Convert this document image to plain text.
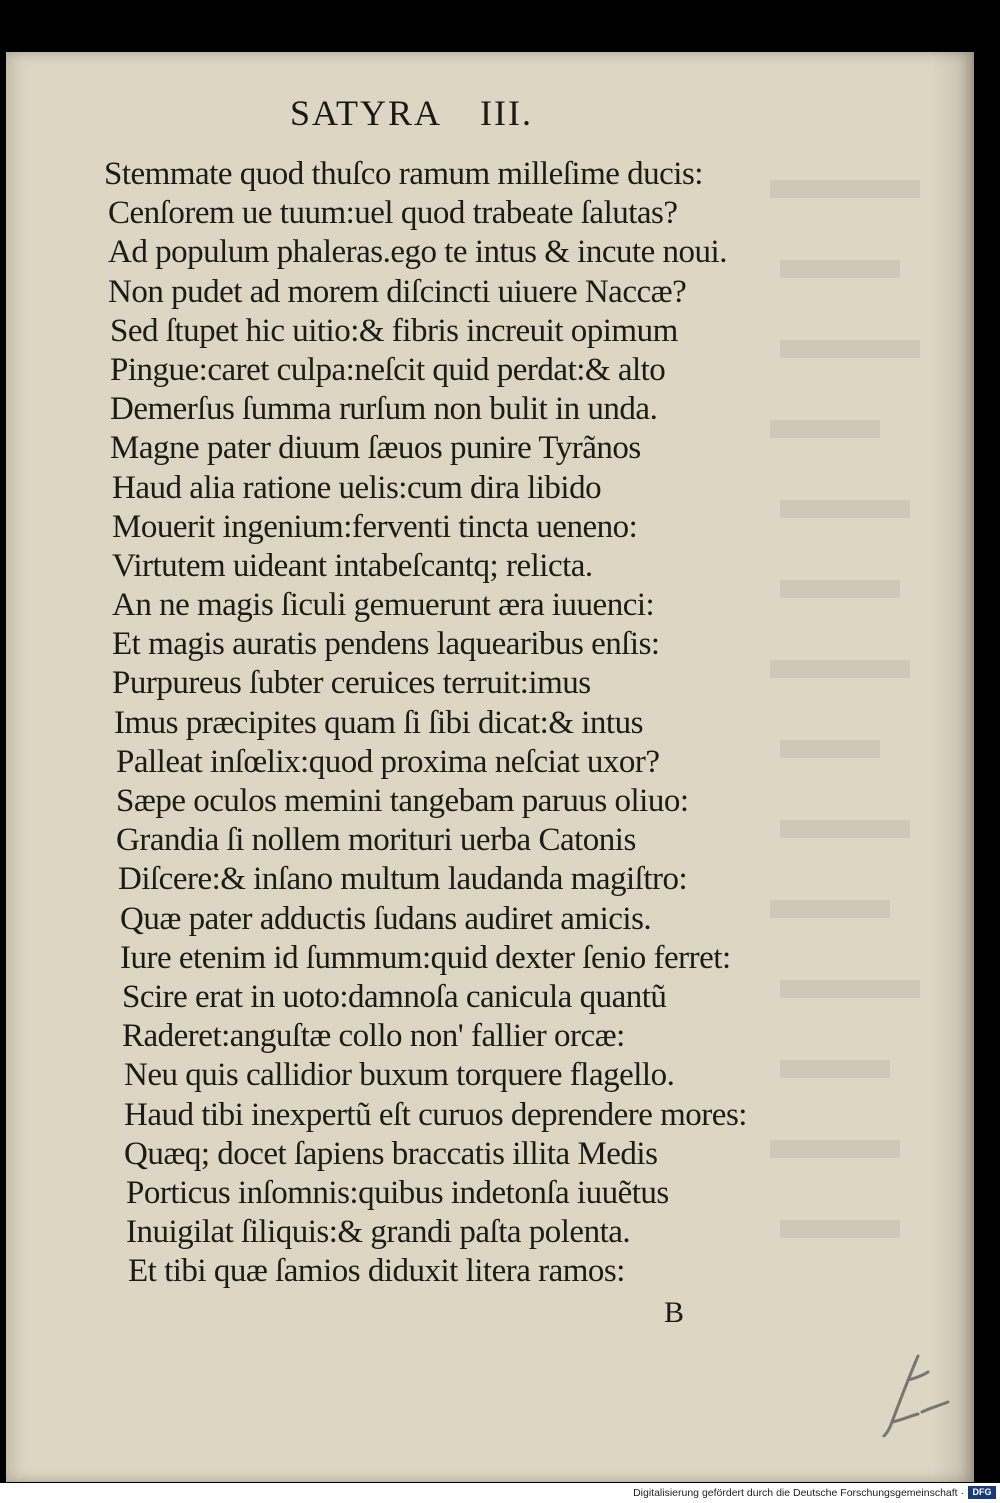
SATYRA III.
Stemmate quod thuſco ramum milleſime ducis:
Cenſorem ue tuum:uel quod trabeate ſalutas?
Ad populum phaleras.ego te intus & incute noui.
Non pudet ad morem diſcincti uiuere Naccæ?
Sed ſtupet hic uitio:& fibris increuit opimum
Pingue:caret culpa:neſcit quid perdat:& alto
Demerſus ſumma rurſum non bulit in unda.
Magne pater diuum ſæuos punire Tyrãnos
Haud alia ratione uelis:cum dira libido
Mouerit ingenium:ferventi tincta ueneno:
Virtutem uideant intabeſcantq; relicta.
An ne magis ſiculi gemuerunt æra iuuenci:
Et magis auratis pendens laquearibus enſis:
Purpureus ſubter ceruices terruit:imus
Imus præcipites quam ſi ſibi dicat:& intus
Palleat inſœlix:quod proxima neſciat uxor?
Sæpe oculos memini tangebam paruus oliuo:
Grandia ſi nollem morituri uerba Catonis
Diſcere:& inſano multum laudanda magiſtro:
Quæ pater adductis ſudans audiret amicis.
Iure etenim id ſummum:quid dexter ſenio ferret:
Scire erat in uoto:damnoſa canicula quantũ
Raderet:anguſtæ collo non' fallier orcæ:
Neu quis callidior buxum torquere flagello.
Haud tibi inexpertũ eſt curuos deprendere mores:
Quæq; docet ſapiens braccatis illita Medis
Porticus inſomnis:quibus indetonſa iuuẽtus
Inuigilat ſiliquis:& grandi paſta polenta.
Et tibi quæ ſamios diduxit litera ramos:
B
Digitalisierung gefördert durch die Deutsche Forschungsgemeinschaft · DFG
